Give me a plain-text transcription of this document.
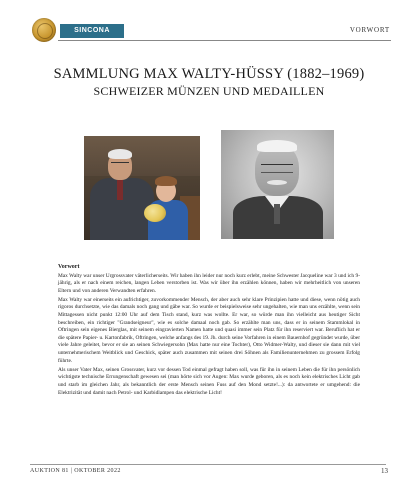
SINCONA	VORWORT
SAMMLUNG MAX WALTY-HÜSSY (1882–1969)
SCHWEIZER MÜNZEN UND MEDAILLEN
Vorwort

Max Walty war unser Urgrossvater väterlicherseits. Wir haben ihn leider nur noch kurz erlebt, meine Schwester Jacqueline war 3 und ich 9-jährig, als er nach einem reichen, langen Leben verstorben ist. Was wir über ihn erzählen können, haben wir mehrheitlich von unseren Eltern und von anderen Verwandten erfahren.

Max Walty war einerseits ein aufrichtiger, zuvorkommender Mensch, der aber auch sehr klare Prinzipien hatte und diese, wenn nötig auch rigoros durchsetzte, wie das damals noch gang und gäbe war. So wurde er beispielsweise sehr ungehalten, wie man uns erzählte, wenn sein Mittagessen nicht punkt 12:00 Uhr auf dem Tisch stand, kurz was wollte. Er war, so würde man ihn vielleicht aus heutiger Sicht beschreiben, ein richtiger "Grandseigneur", wie es solche damaal noch gab. So erzählte man uns, dass er in seinem Stammlokal in Oftringen sein eigenes Bierglas, mit seinem eingravierten Namen hatte und quasi immer sein Platz für ihn reserviert war. Beruflich hat er die spätere Papier- u. Kartonfabrik, Oftringen, welche anfangs des 19. Jh. durch seine Vorfahren in einem Bauernhof gegründet wurde, über viele Jahre geleitet, bevor er sie an seinen Schwiegersohn (Max hatte nur eine Tochter), Otto Widmer-Walty, und dieser sie dann mit viel unternehmerischem Weitblick und Geschick, später auch zusammen mit seinen drei Söhnen als Familienunternehmen zu grossem Erfolg führte.

Als unser Vater Max, seinen Grossvater, kurz vor dessen Tod einmal gefragt haben soll, was für ihn in seinem Leben die für ihn persönlich wichtigste technische Errungenschaft gewesen sei (man hörte sich vor Augen: Max wurde geboren, als es noch kein elektrisches Licht gab und starb im gleichen Jahr, als bekanntlich der erste Mensch seinen Fuss auf den Mond setzte!...): da antwortete er umgehend: die Elektrizität und damit nach Petrol- und Karbidlampen das elektrische Licht!

AUKTION 81 | OKTOBER 2022	13
